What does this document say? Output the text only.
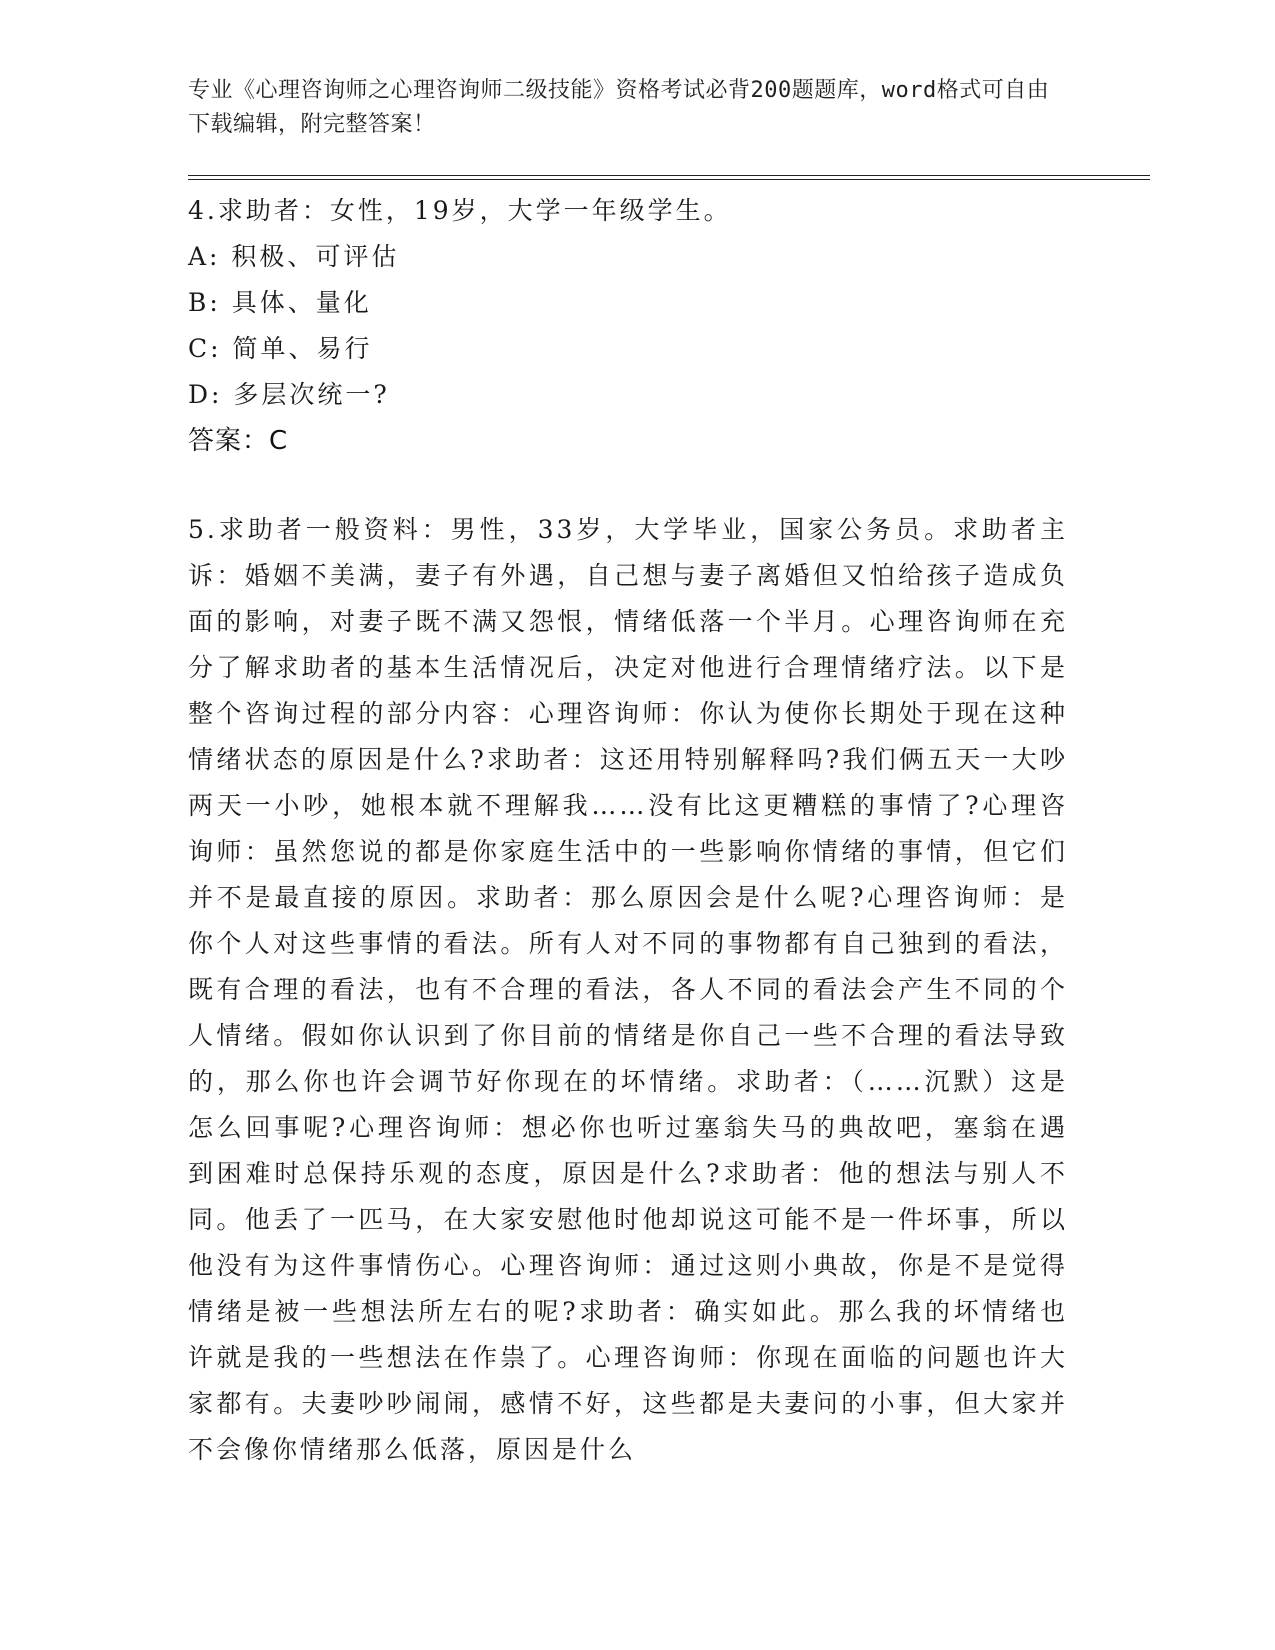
专业《心理咨询师之心理咨询师二级技能》资格考试必背200题题库，word格式可自由下载编辑，附完整答案！

4.求助者：女性，19岁，大学一年级学生。

A: 积极、可评估

B: 具体、量化

C: 简单、易行

D: 多层次统一?

答案：C

5.求助者一般资料：男性，33岁，大学毕业，国家公务员。求助者主诉：婚姻不美满，妻子有外遇，自己想与妻子离婚但又怕给孩子造成负面的影响，对妻子既不满又怨恨，情绪低落一个半月。心理咨询师在充分了解求助者的基本生活情况后，决定对他进行合理情绪疗法。以下是整个咨询过程的部分内容：心理咨询师：你认为使你长期处于现在这种情绪状态的原因是什么?求助者：这还用特别解释吗?我们俩五天一大吵两天一小吵，她根本就不理解我……没有比这更糟糕的事情了?心理咨询师：虽然您说的都是你家庭生活中的一些影响你情绪的事情，但它们并不是最直接的原因。求助者：那么原因会是什么呢?心理咨询师：是你个人对这些事情的看法。所有人对不同的事物都有自己独到的看法，既有合理的看法，也有不合理的看法，各人不同的看法会产生不同的个人情绪。假如你认识到了你目前的情绪是你自己一些不合理的看法导致的，那么你也许会调节好你现在的坏情绪。求助者：（……沉默）这是怎么回事呢?心理咨询师：想必你也听过塞翁失马的典故吧，塞翁在遇到困难时总保持乐观的态度，原因是什么?求助者：他的想法与别人不同。他丢了一匹马，在大家安慰他时他却说这可能不是一件坏事，所以他没有为这件事情伤心。心理咨询师：通过这则小典故，你是不是觉得情绪是被一些想法所左右的呢?求助者：确实如此。那么我的坏情绪也许就是我的一些想法在作祟了。心理咨询师：你现在面临的问题也许大家都有。夫妻吵吵闹闹，感情不好，这些都是夫妻问的小事，但大家并不会像你情绪那么低落，原因是什么
